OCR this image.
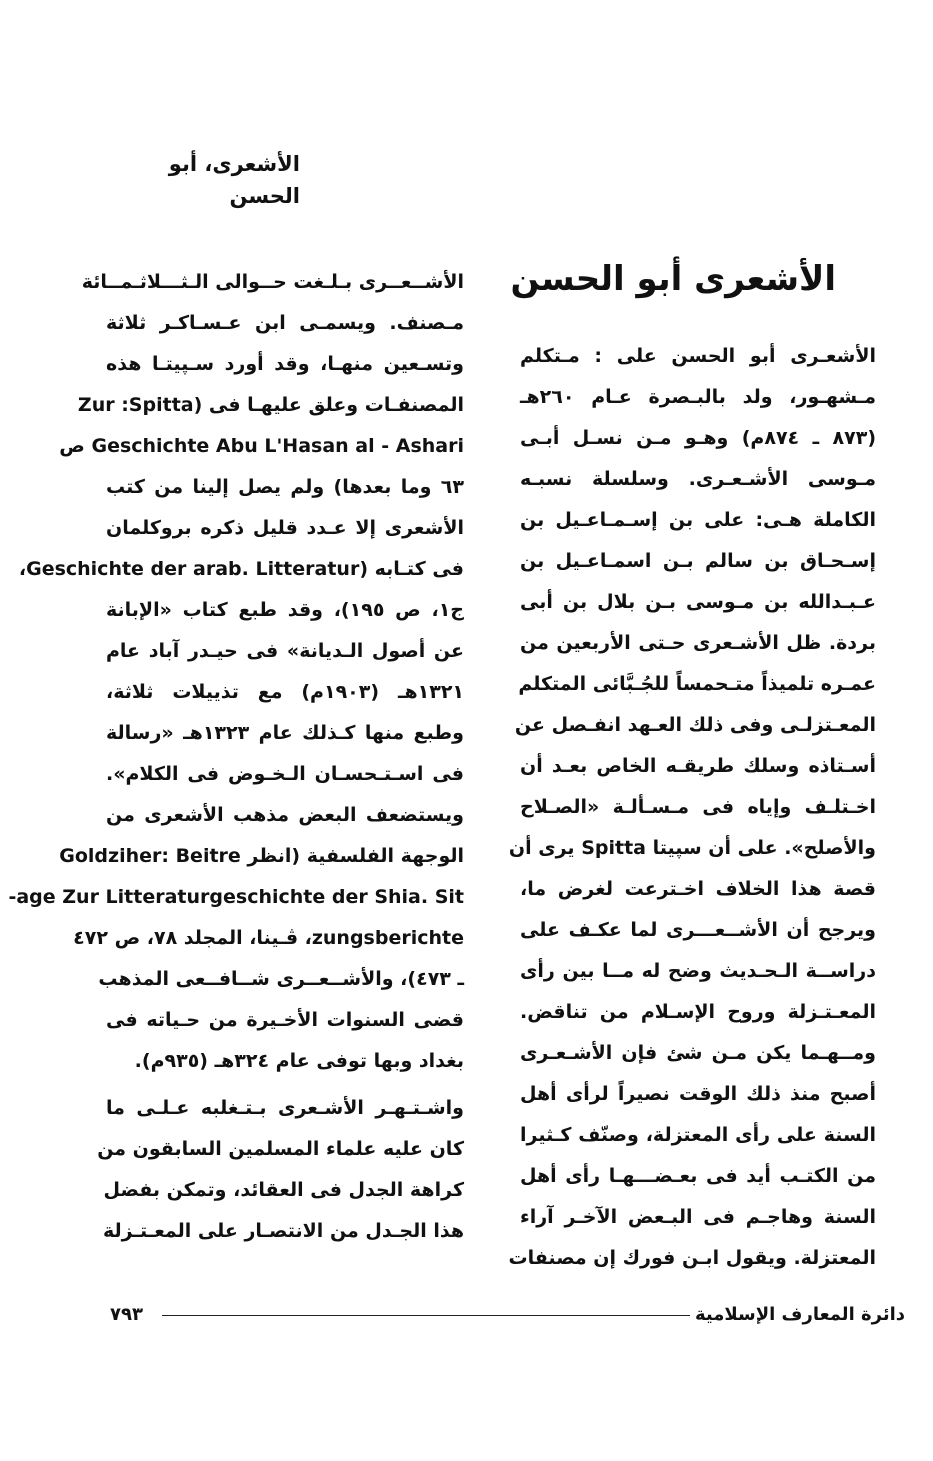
الأشعرى، أبو الحسن
الأشعرى أبو الحسن
الأشعـرى أبو الحسن على : مـتكلم
مـشهـور، ولد بالبـصرة عـام ٢٦٠هـ
(٨٧٣ ـ ٨٧٤م) وهـو مـن نسـل أبـى
مـوسى الأشـعـرى. وسلسلة نسبـه
الكاملة هـى: على بن إسـمـاعـيل بن
إسـحـاق بن سالم بـن اسمـاعـيل بن
عـبـدالله بن مـوسى بـن بلال بن أبى
بردة. ظل الأشـعرى حـتى الأربعين من
عمـره تلميذاً متـحمساً للجُـبَّائى المتكلم
المعـتزلـى وفى ذلك العـهد انفـصل عن
أسـتاذه وسلك طريقـه الخاص بعـد أن
اخـتلـف وإياه فى مـسـألـة «الصـلاح
والأصلح». على أن سپيتا Spitta يرى أن
قصة هذا الخلاف اخـترعت لغرض ما،
ويرجح أن الأشــعـــرى لما عكـف على
دراســة الـحـديث وضح له مــا بين رأى
المعـتـزلة وروح الإسـلام من تناقض.
ومــهـما يكن مـن شئ فإن الأشـعـرى
أصبح منذ ذلك الوقت نصيراً لرأى أهل
السنة على رأى المعتزلة، وصنّف كـثيرا
من الكتـب أيد فى بعـضـــهـا رأى أهل
السنة وهاجـم فى البـعض الآخـر آراء
المعتزلة. ويقول ابـن فورك إن مصنفات
الأشــعــرى بـلـغت حــوالى الـثـــلاثـمــائة
مـصنف. ويسمـى ابن عـسـاكـر ثلاثة
وتسـعين منهـا، وقد أورد سـپيتـا هذه
المصنفـات وعلق عليهـا فى (Zur :Spitta
Geschichte Abu L'Hasan al - Ashari ص
٦٣ وما بعدها) ولم يصل إلينا من كتب
الأشعرى إلا عـدد قليل ذكره بروكلمان
فى كتـابه (Geschichte der arab. Litteratur،
ج١، ص ١٩٥)، وقد طبع كتاب «الإبانة
عن أصول الـديانة» فى حيـدر آباد عام
١٣٢١هـ (١٩٠٣م) مع تذييلات ثلاثة،
وطبع منها كـذلك عام ١٣٢٣هـ «رسالة
فى اسـتـحسـان الـخـوض فى الكلام».
ويستضعف البعض مذهب الأشعرى من
الوجهة الفلسفية (انظر Goldziher: Beitre
age Zur Litteraturgeschichte der Shia. Sit-
zungsberichte، ڤـينا، المجلد ٧٨، ص ٤٧٢
ـ ٤٧٣)، والأشــعــرى شــافــعى المذهب
قضى السنوات الأخـيرة من حـياته فى
بغداد وبها توفى عام ٣٢٤هـ (٩٣٥م).
واشـتـهـر الأشـعرى بـتـغلبه عـلـى ما
كان عليه علماء المسلمين السابقون من
كراهة الجدل فى العقائد، وتمكن بفضل
هذا الجـدل من الانتصـار على المعـتـزلة
دائرة المعارف الإسلامية
٧٩٣
